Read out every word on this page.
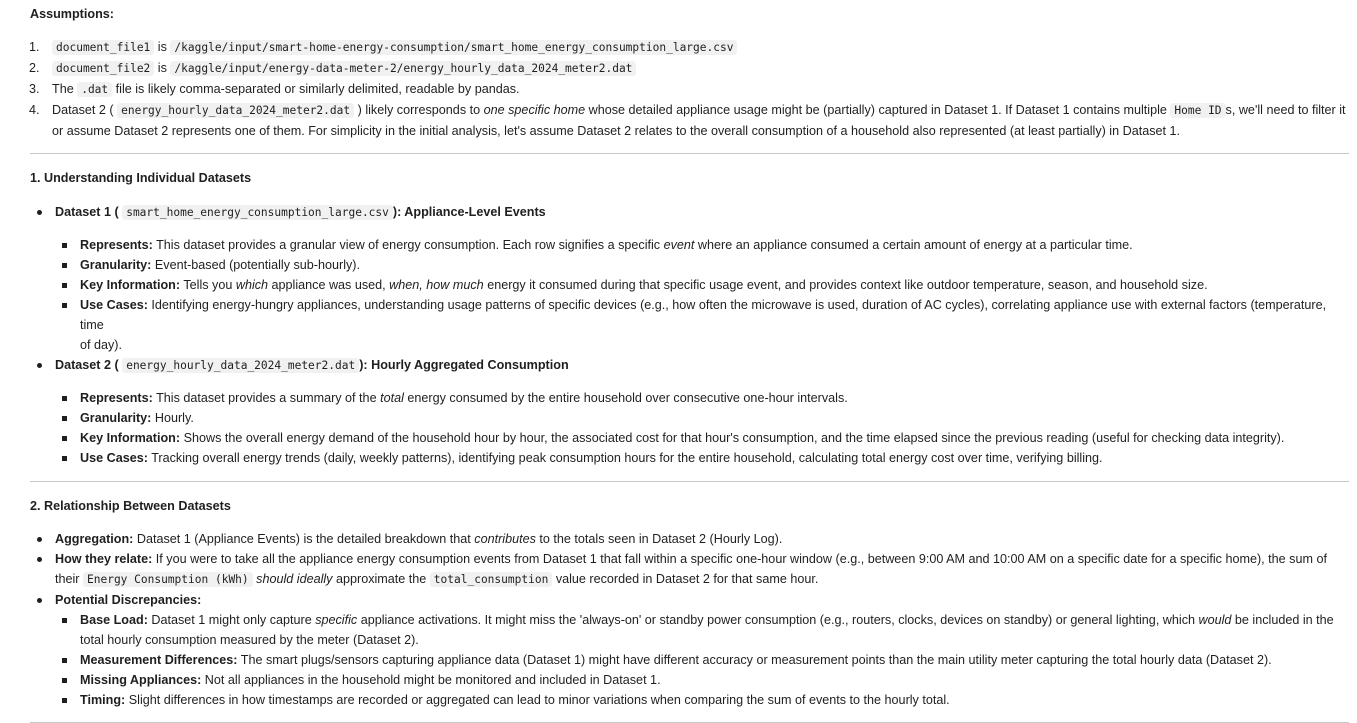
Assumptions:

1. document_file1 is /kaggle/input/smart-home-energy-consumption/smart_home_energy_consumption_large.csv
2. document_file2 is /kaggle/input/energy-data-meter-2/energy_hourly_data_2024_meter2.dat
3. The .dat file is likely comma-separated or similarly delimited, readable by pandas.
4. Dataset 2 ( energy_hourly_data_2024_meter2.dat ) likely corresponds to one specific home whose detailed appliance usage might be (partially) captured in Dataset 1. If Dataset 1 contains multiple Home ID s, we'll need to filter it
or assume Dataset 2 represents one of them. For simplicity in the initial analysis, let's assume Dataset 2 relates to the overall consumption of a household also represented (at least partially) in Dataset 1.

1. Understanding Individual Datasets

Dataset 1 ( smart_home_energy_consumption_large.csv ): Appliance-Level Events
Represents: This dataset provides a granular view of energy consumption. Each row signifies a specific event where an appliance consumed a certain amount of energy at a particular time.
Granularity: Event-based (potentially sub-hourly).
Key Information: Tells you which appliance was used, when, how much energy it consumed during that specific usage event, and provides context like outdoor temperature, season, and household size.
Use Cases: Identifying energy-hungry appliances, understanding usage patterns of specific devices (e.g., how often the microwave is used, duration of AC cycles), correlating appliance use with external factors (temperature, time
of day).
Dataset 2 ( energy_hourly_data_2024_meter2.dat ): Hourly Aggregated Consumption
Represents: This dataset provides a summary of the total energy consumed by the entire household over consecutive one-hour intervals.
Granularity: Hourly.
Key Information: Shows the overall energy demand of the household hour by hour, the associated cost for that hour's consumption, and the time elapsed since the previous reading (useful for checking data integrity).
Use Cases: Tracking overall energy trends (daily, weekly patterns), identifying peak consumption hours for the entire household, calculating total energy cost over time, verifying billing.

2. Relationship Between Datasets

Aggregation: Dataset 1 (Appliance Events) is the detailed breakdown that contributes to the totals seen in Dataset 2 (Hourly Log).
How they relate: If you were to take all the appliance energy consumption events from Dataset 1 that fall within a specific one-hour window (e.g., between 9:00 AM and 10:00 AM on a specific date for a specific home), the sum of
their Energy Consumption (kWh) should ideally approximate the total_consumption value recorded in Dataset 2 for that same hour.
Potential Discrepancies:
Base Load: Dataset 1 might only capture specific appliance activations. It might miss the 'always-on' or standby power consumption (e.g., routers, clocks, devices on standby) or general lighting, which would be included in the
total hourly consumption measured by the meter (Dataset 2).
Measurement Differences: The smart plugs/sensors capturing appliance data (Dataset 1) might have different accuracy or measurement points than the main utility meter capturing the total hourly data (Dataset 2).
Missing Appliances: Not all appliances in the household might be monitored and included in Dataset 1.
Timing: Slight differences in how timestamps are recorded or aggregated can lead to minor variations when comparing the sum of events to the hourly total.
